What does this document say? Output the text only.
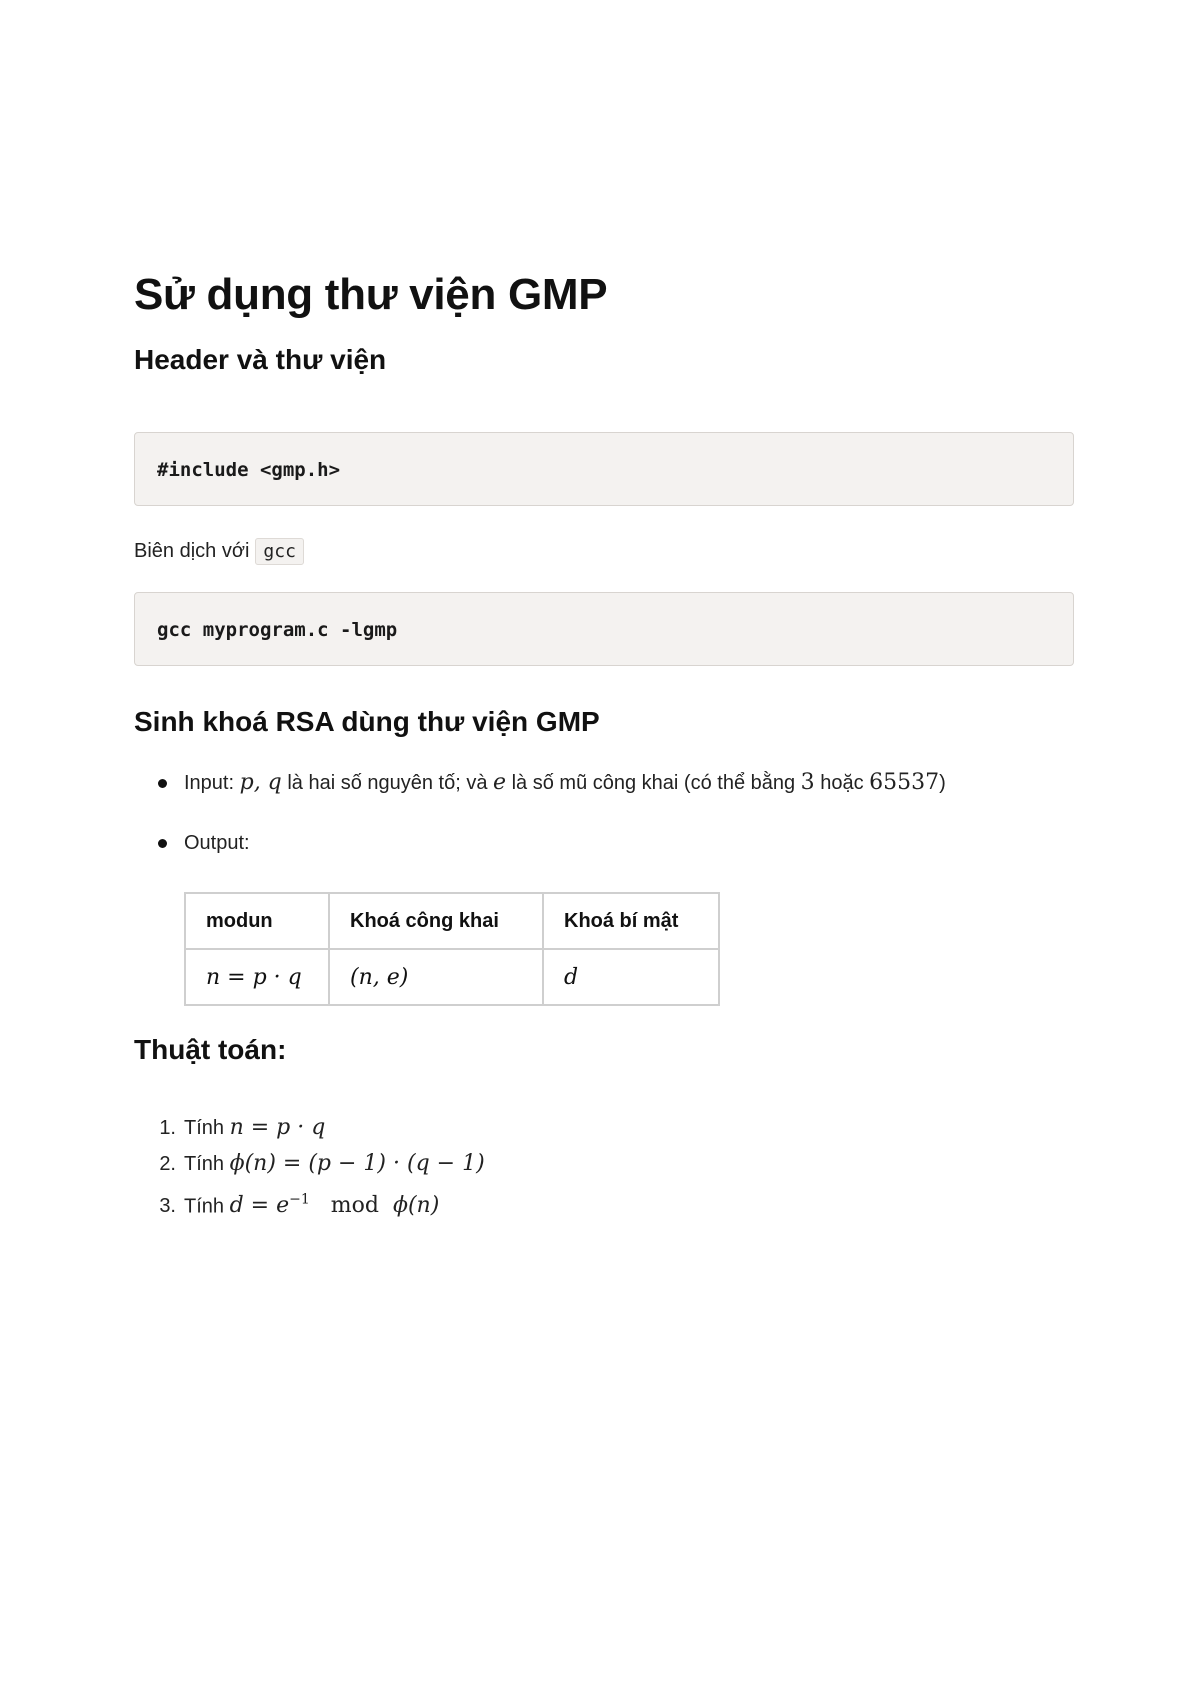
Sử dụng thư viện GMP
Header và thư viện
#include <gmp.h>
Biên dịch với gcc
gcc myprogram.c -lgmp
Sinh khoá RSA dùng thư viện GMP
Input: p, q là hai số nguyên tố; và e là số mũ công khai (có thể bằng 3 hoặc 65537)
Output:
modun	Khoá công khai	Khoá bí mật
n = p · q	(n, e)	d
Thuật toán:
1. Tính n = p · q
2. Tính ϕ(n) = (p − 1) · (q − 1)
3. Tính $d = e^{-1}$ mod ϕ(n)
